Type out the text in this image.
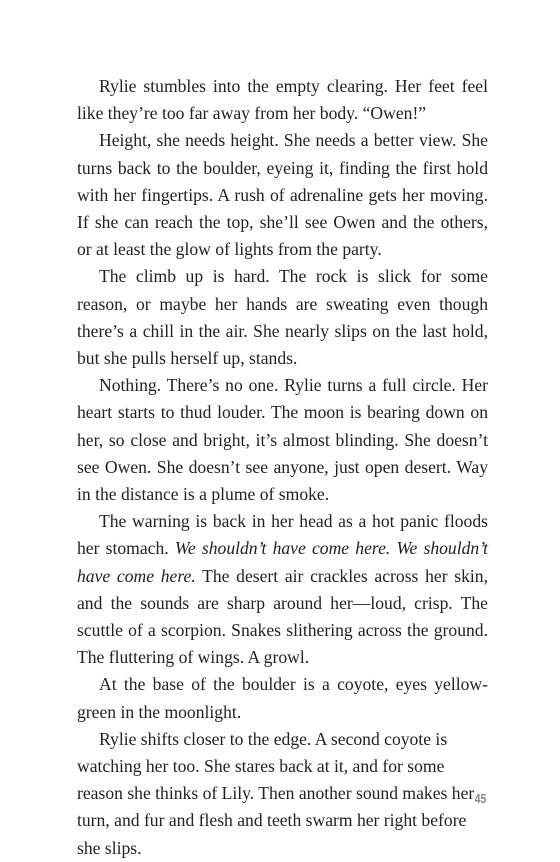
Rylie stumbles into the empty clearing. Her feet feel like they’re too far away from her body. “Owen!”

Height, she needs height. She needs a better view. She turns back to the boulder, eyeing it, finding the first hold with her fingertips. A rush of adrenaline gets her moving. If she can reach the top, she’ll see Owen and the others, or at least the glow of lights from the party.

The climb up is hard. The rock is slick for some reason, or maybe her hands are sweating even though there’s a chill in the air. She nearly slips on the last hold, but she pulls herself up, stands.

Nothing. There’s no one. Rylie turns a full circle. Her heart starts to thud louder. The moon is bearing down on her, so close and bright, it’s almost blinding. She doesn’t see Owen. She doesn’t see anyone, just open desert. Way in the distance is a plume of smoke.

The warning is back in her head as a hot panic floods her stomach. We shouldn’t have come here. We shouldn’t have come here. The desert air crackles across her skin, and the sounds are sharp around her—loud, crisp. The scuttle of a scorpion. Snakes slithering across the ground. The fluttering of wings. A growl.

At the base of the boulder is a coyote, eyes yellow-green in the moonlight.

Rylie shifts closer to the edge. A second coyote is watching her too. She stares back at it, and for some reason she thinks of Lily. Then another sound makes her turn, and fur and flesh and teeth swarm her right before she slips.

45
